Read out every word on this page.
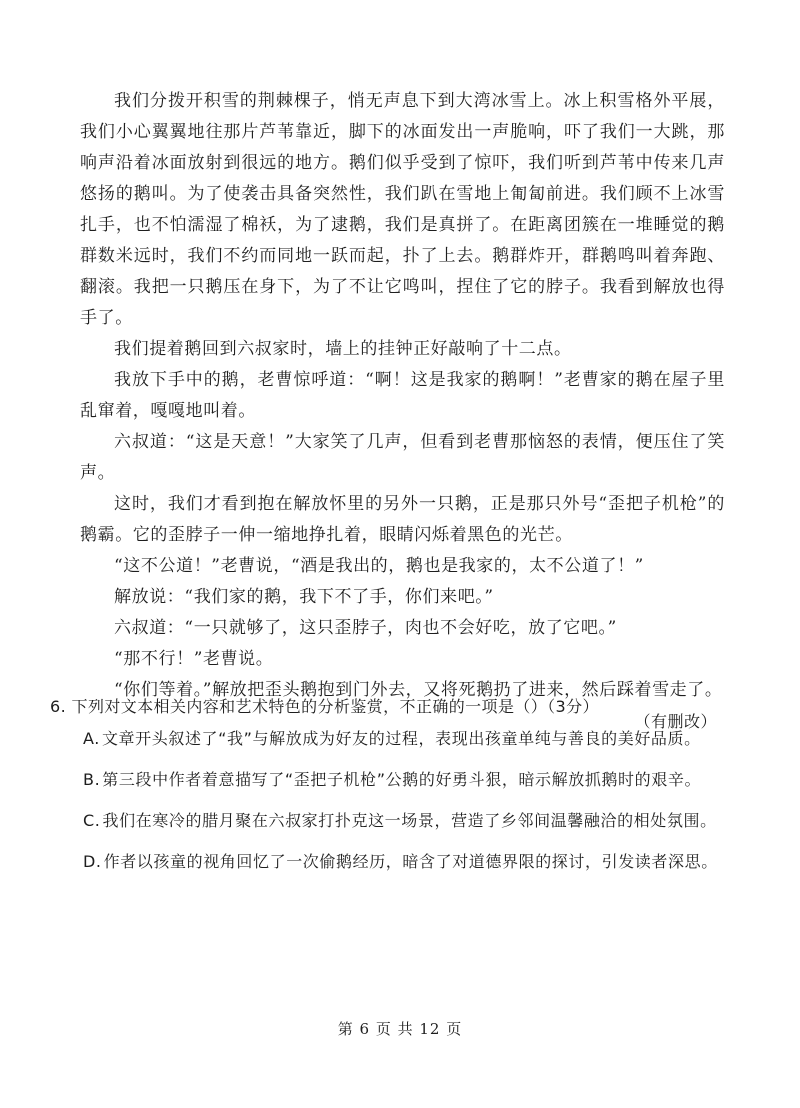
我们分拨开积雪的荆棘棵子，悄无声息下到大湾冰雪上。冰上积雪格外平展，我们小心翼翼地往那片芦苇靠近，脚下的冰面发出一声脆响，吓了我们一大跳，那响声沿着冰面放射到很远的地方。鹅们似乎受到了惊吓，我们听到芦苇中传来几声悠扬的鹅叫。为了使袭击具备突然性，我们趴在雪地上匍匐前进。我们顾不上冰雪扎手，也不怕濡湿了棉袄，为了逮鹅，我们是真拼了。在距离团簇在一堆睡觉的鹅群数米远时，我们不约而同地一跃而起，扑了上去。鹅群炸开，群鹅鸣叫着奔跑、翻滚。我把一只鹅压在身下，为了不让它鸣叫，捏住了它的脖子。我看到解放也得手了。

我们提着鹅回到六叔家时，墙上的挂钟正好敲响了十二点。

我放下手中的鹅，老曹惊呼道：“啊！这是我家的鹅啊！”老曹家的鹅在屋子里乱窜着，嘎嘎地叫着。

六叔道：“这是天意！”大家笑了几声，但看到老曹那恼怒的表情，便压住了笑声。

这时，我们才看到抱在解放怀里的另外一只鹅，正是那只外号“歪把子机枪”的鹅霸。它的歪脖子一伸一缩地挣扎着，眼睛闪烁着黑色的光芒。

“这不公道！”老曹说，“酒是我出的，鹅也是我家的，太不公道了！”

解放说：“我们家的鹅，我下不了手，你们来吧。”

六叔道：“一只就够了，这只歪脖子，肉也不会好吃，放了它吧。”

“那不行！”老曹说。

“你们等着。”解放把歪头鹅抱到门外去，又将死鹅扔了进来，然后踩着雪走了。

（有删改）

6. 下列对文本相关内容和艺术特色的分析鉴赏，不正确的一项是（）（3分）

A. 文章开头叙述了“我”与解放成为好友的过程，表现出孩童单纯与善良的美好品质。

B. 第三段中作者着意描写了“歪把子机枪”公鹅的好勇斗狠，暗示解放抓鹅时的艰辛。

C. 我们在寒冷的腊月聚在六叔家打扑克这一场景，营造了乡邻间温馨融洽的相处氛围。

D. 作者以孩童的视角回忆了一次偷鹅经历，暗含了对道德界限的探讨，引发读者深思。

第 6 页 共 12 页
